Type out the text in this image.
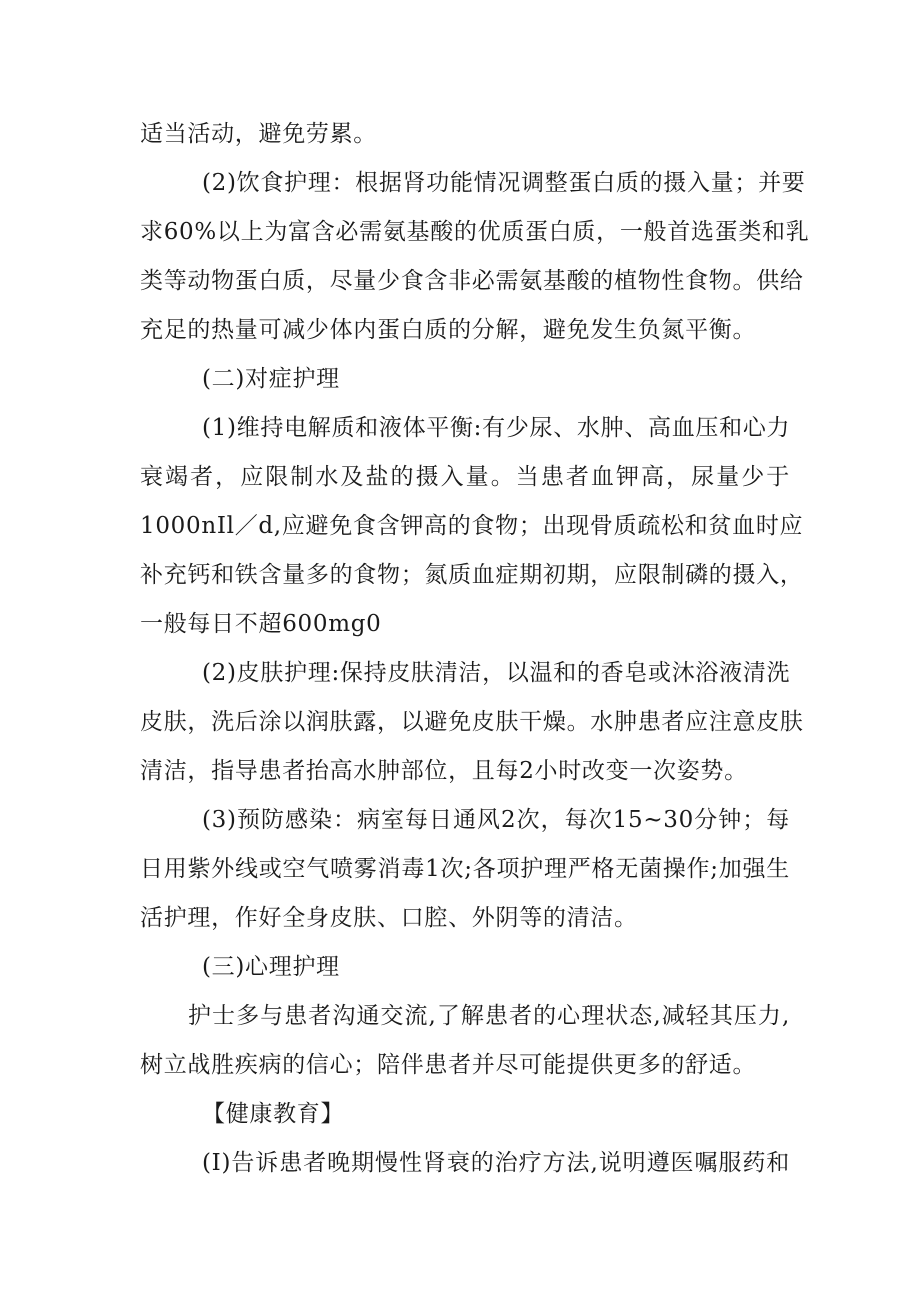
适当活动，避免劳累。
(2)饮食护理：根据肾功能情况调整蛋白质的摄入量；并要
求60%以上为富含必需氨基酸的优质蛋白质，一般首选蛋类和乳
类等动物蛋白质，尽量少食含非必需氨基酸的植物性食物。供给
充足的热量可减少体内蛋白质的分解，避免发生负氮平衡。
(二)对症护理
(1)维持电解质和液体平衡:有少尿、水肿、高血压和心力
衰竭者，应限制水及盐的摄入量。当患者血钾高，尿量少于
1000nIl／d,应避免食含钾高的食物；出现骨质疏松和贫血时应
补充钙和铁含量多的食物；氮质血症期初期，应限制磷的摄入，
一般每日不超600mg0
(2)皮肤护理:保持皮肤清洁，以温和的香皂或沐浴液清洗
皮肤，洗后涂以润肤露，以避免皮肤干燥。水肿患者应注意皮肤
清洁，指导患者抬高水肿部位，且每2小时改变一次姿势。
(3)预防感染：病室每日通风2次，每次15~30分钟；每
日用紫外线或空气喷雾消毒1次;各项护理严格无菌操作;加强生
活护理，作好全身皮肤、口腔、外阴等的清洁。
(三)心理护理
护士多与患者沟通交流,了解患者的心理状态,减轻其压力,
树立战胜疾病的信心；陪伴患者并尽可能提供更多的舒适。
【健康教育】
(I)告诉患者晚期慢性肾衰的治疗方法,说明遵医嘱服药和
